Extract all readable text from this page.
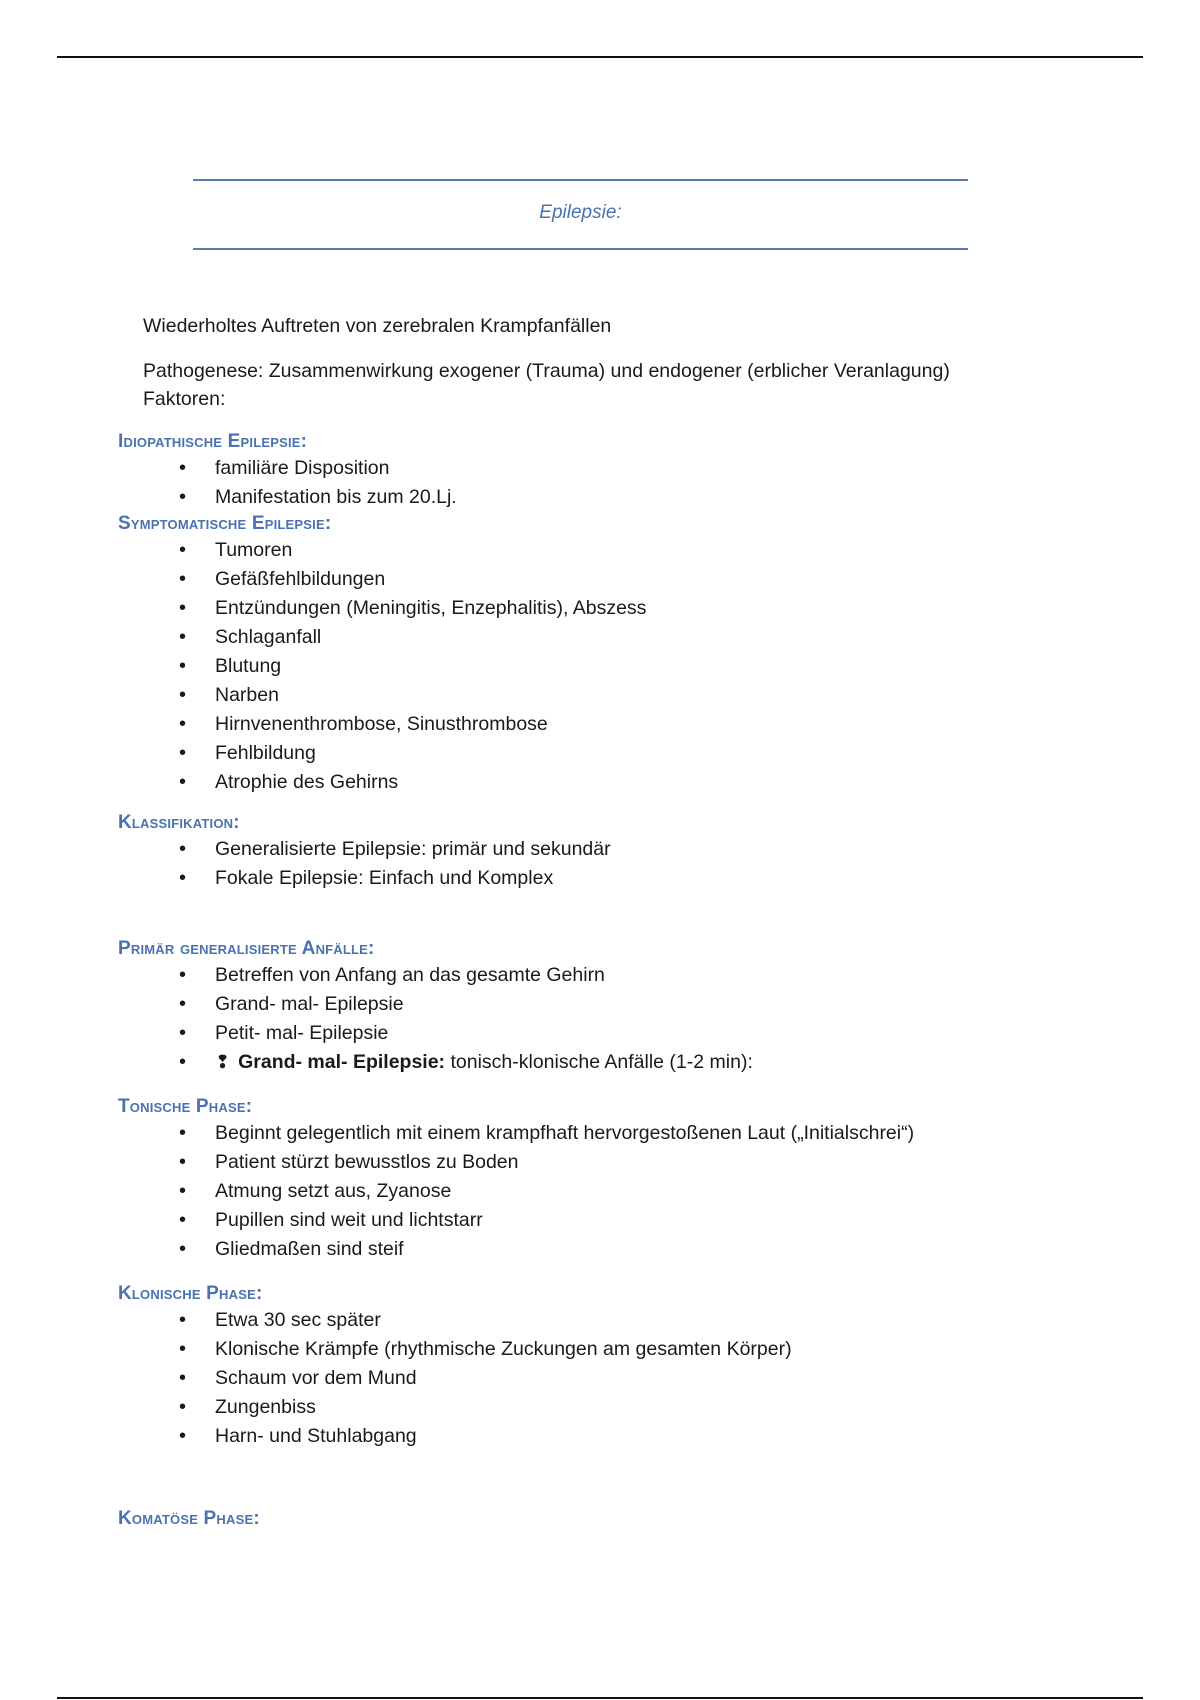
Epilepsie:

Wiederholtes Auftreten von zerebralen Krampfanfällen

Pathogenese: Zusammenwirkung exogener (Trauma) und endogener (erblicher Veranlagung) Faktoren:

Idiopathische Epilepsie:
• familiäre Disposition
• Manifestation bis zum 20.Lj.
Symptomatische Epilepsie:
• Tumoren
• Gefäßfehlbildungen
• Entzündungen (Meningitis, Enzephalitis), Abszess
• Schlaganfall
• Blutung
• Narben
• Hirnvenenthrombose, Sinusthrombose
• Fehlbildung
• Atrophie des Gehirns
Klassifikation:
• Generalisierte Epilepsie: primär und sekundär
• Fokale Epilepsie: Einfach und Komplex
Primär generalisierte Anfälle:
• Betreffen von Anfang an das gesamte Gehirn
• Grand- mal- Epilepsie
• Petit- mal- Epilepsie
• ❢ Grand- mal- Epilepsie: tonisch-klonische Anfälle (1-2 min):
Tonische Phase:
• Beginnt gelegentlich mit einem krampfhaft hervorgestoßenen Laut („Initialschrei“)
• Patient stürzt bewusstlos zu Boden
• Atmung setzt aus, Zyanose
• Pupillen sind weit und lichtstarr
• Gliedmaßen sind steif
Klonische Phase:
• Etwa 30 sec später
• Klonische Krämpfe (rhythmische Zuckungen am gesamten Körper)
• Schaum vor dem Mund
• Zungenbiss
• Harn- und Stuhlabgang
Komatöse Phase:
